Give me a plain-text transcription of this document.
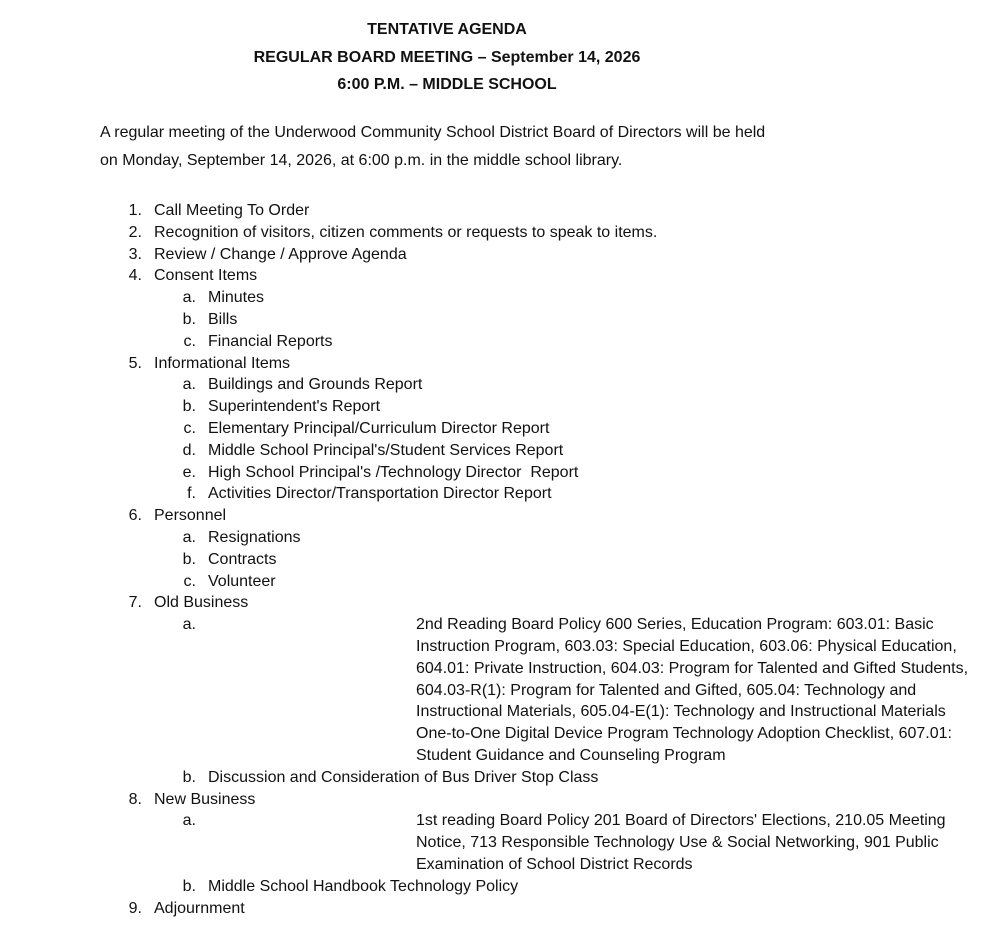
TENTATIVE AGENDA
REGULAR BOARD MEETING – September 14, 2026
6:00 P.M. – MIDDLE SCHOOL
A regular meeting of the Underwood Community School District Board of Directors will be held
on Monday, September 14, 2026, at 6:00 p.m. in the middle school library.
1. Call Meeting To Order
2. Recognition of visitors, citizen comments or requests to speak to items.
3. Review / Change / Approve Agenda
4. Consent Items
a. Minutes
b. Bills
c. Financial Reports
5. Informational Items
a. Buildings and Grounds Report
b. Superintendent's Report
c. Elementary Principal/Curriculum Director Report
d. Middle School Principal's/Student Services Report
e. High School Principal's /Technology Director  Report
f. Activities Director/Transportation Director Report
6. Personnel
a. Resignations
b. Contracts
c. Volunteer
7. Old Business
a.	2nd Reading Board Policy 600 Series, Education Program: 603.01: Basic
Instruction Program, 603.03: Special Education, 603.06: Physical Education,
604.01: Private Instruction, 604.03: Program for Talented and Gifted Students,
604.03-R(1): Program for Talented and Gifted, 605.04: Technology and
Instructional Materials, 605.04-E(1): Technology and Instructional Materials
One-to-One Digital Device Program Technology Adoption Checklist, 607.01:
Student Guidance and Counseling Program
b. Discussion and Consideration of Bus Driver Stop Class
8. New Business
a.	1st reading Board Policy 201 Board of Directors' Elections, 210.05 Meeting
Notice, 713 Responsible Technology Use & Social Networking, 901 Public
Examination of School District Records
b. Middle School Handbook Technology Policy
9. Adjournment
